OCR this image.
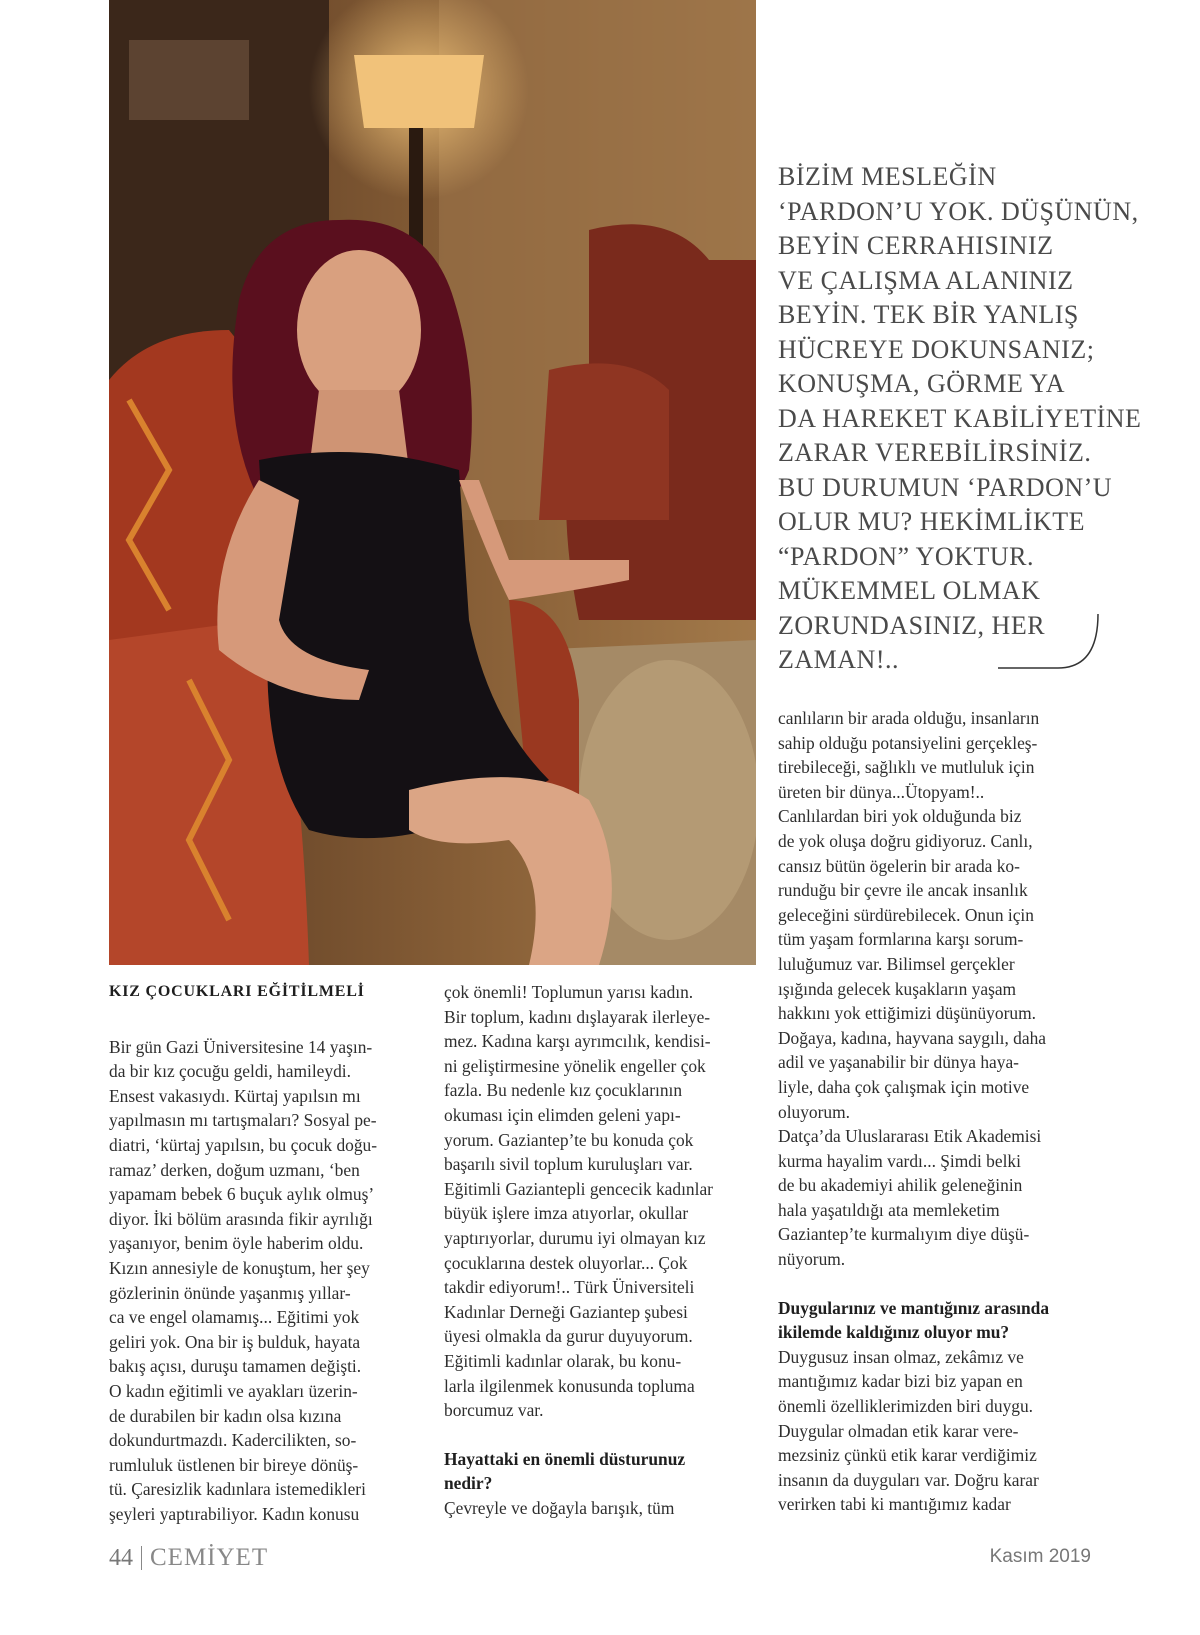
BİZİM MESLEĞİN
‘PARDON’U YOK. DÜŞÜNÜN,
BEYİN CERRAHISINIZ
VE ÇALIŞMA ALANINIZ
BEYİN. TEK BİR YANLIŞ
HÜCREYE DOKUNSANIZ;
KONUŞMA, GÖRME YA
DA HAREKET KABİLİYETİNE
ZARAR VEREBİLİRSİNİZ.
BU DURUMUN ‘PARDON’U
OLUR MU? HEKİMLİKTE
“PARDON” YOKTUR.
MÜKEMMEL OLMAK
ZORUNDASINIZ, HER
ZAMAN!..

KIZ ÇOCUKLARI EĞİTİLMELİ

Bir gün Gazi Üniversitesine 14 yaşın-
da bir kız çocuğu geldi, hamileydi.
Ensest vakasıydı. Kürtaj yapılsın mı
yapılmasın mı tartışmaları? Sosyal pe-
diatri, ‘kürtaj yapılsın, bu çocuk doğu-
ramaz’ derken, doğum uzmanı, ‘ben
yapamam bebek 6 buçuk aylık olmuş’
diyor. İki bölüm arasında fikir ayrılığı
yaşanıyor, benim öyle haberim oldu.
Kızın annesiyle de konuştum, her şey
gözlerinin önünde yaşanmış yıllar-
ca ve engel olamamış... Eğitimi yok
geliri yok. Ona bir iş bulduk, hayata
bakış açısı, duruşu tamamen değişti.
O kadın eğitimli ve ayakları üzerin-
de durabilen bir kadın olsa kızına
dokundurtmazdı. Kadercilikten, so-
rumluluk üstlenen bir bireye dönüş-
tü. Çaresizlik kadınlara istemedikleri
şeyleri yaptırabiliyor. Kadın konusu

çok önemli! Toplumun yarısı kadın.
Bir toplum, kadını dışlayarak ilerleye-
mez. Kadına karşı ayrımcılık, kendisi-
ni geliştirmesine yönelik engeller çok
fazla. Bu nedenle kız çocuklarının
okuması için elimden geleni yapı-
yorum. Gaziantep’te bu konuda çok
başarılı sivil toplum kuruluşları var.
Eğitimli Gaziantepli gencecik kadınlar
büyük işlere imza atıyorlar, okullar
yaptırıyorlar, durumu iyi olmayan kız
çocuklarına destek oluyorlar... Çok
takdir ediyorum!.. Türk Üniversiteli
Kadınlar Derneği Gaziantep şubesi
üyesi olmakla da gurur duyuyorum.
Eğitimli kadınlar olarak, bu konu-
larla ilgilenmek konusunda topluma
borcumuz var.

Hayattaki en önemli düsturunuz
nedir?

Çevreyle ve doğayla barışık, tüm

canlıların bir arada olduğu, insanların
sahip olduğu potansiyelini gerçekleş-
tirebileceği, sağlıklı ve mutluluk için
üreten bir dünya...Ütopyam!..
Canlılardan biri yok olduğunda biz
de yok oluşa doğru gidiyoruz. Canlı,
cansız bütün ögelerin bir arada ko-
runduğu bir çevre ile ancak insanlık
geleceğini sürdürebilecek. Onun için
tüm yaşam formlarına karşı sorum-
luluğumuz var. Bilimsel gerçekler
ışığında gelecek kuşakların yaşam
hakkını yok ettiğimizi düşünüyorum.
Doğaya, kadına, hayvana saygılı, daha
adil ve yaşanabilir bir dünya haya-
liyle, daha çok çalışmak için motive
oluyorum.
Datça’da Uluslararası Etik Akademisi
kurma hayalim vardı... Şimdi belki
de bu akademiyi ahilik geleneğinin
hala yaşatıldığı ata memleketim
Gaziantep’te kurmalıyım diye düşü-
nüyorum.

Duygularınız ve mantığınız arasında
ikilemde kaldığınız oluyor mu?

Duygusuz insan olmaz, zekâmız ve
mantığımız kadar bizi biz yapan en
önemli özelliklerimizden biri duygu.
Duygular olmadan etik karar vere-
mezsiniz çünkü etik karar verdiğimiz
insanın da duyguları var. Doğru karar
verirken tabi ki mantığımız kadar

44 CEMİYET	Kasım 2019
